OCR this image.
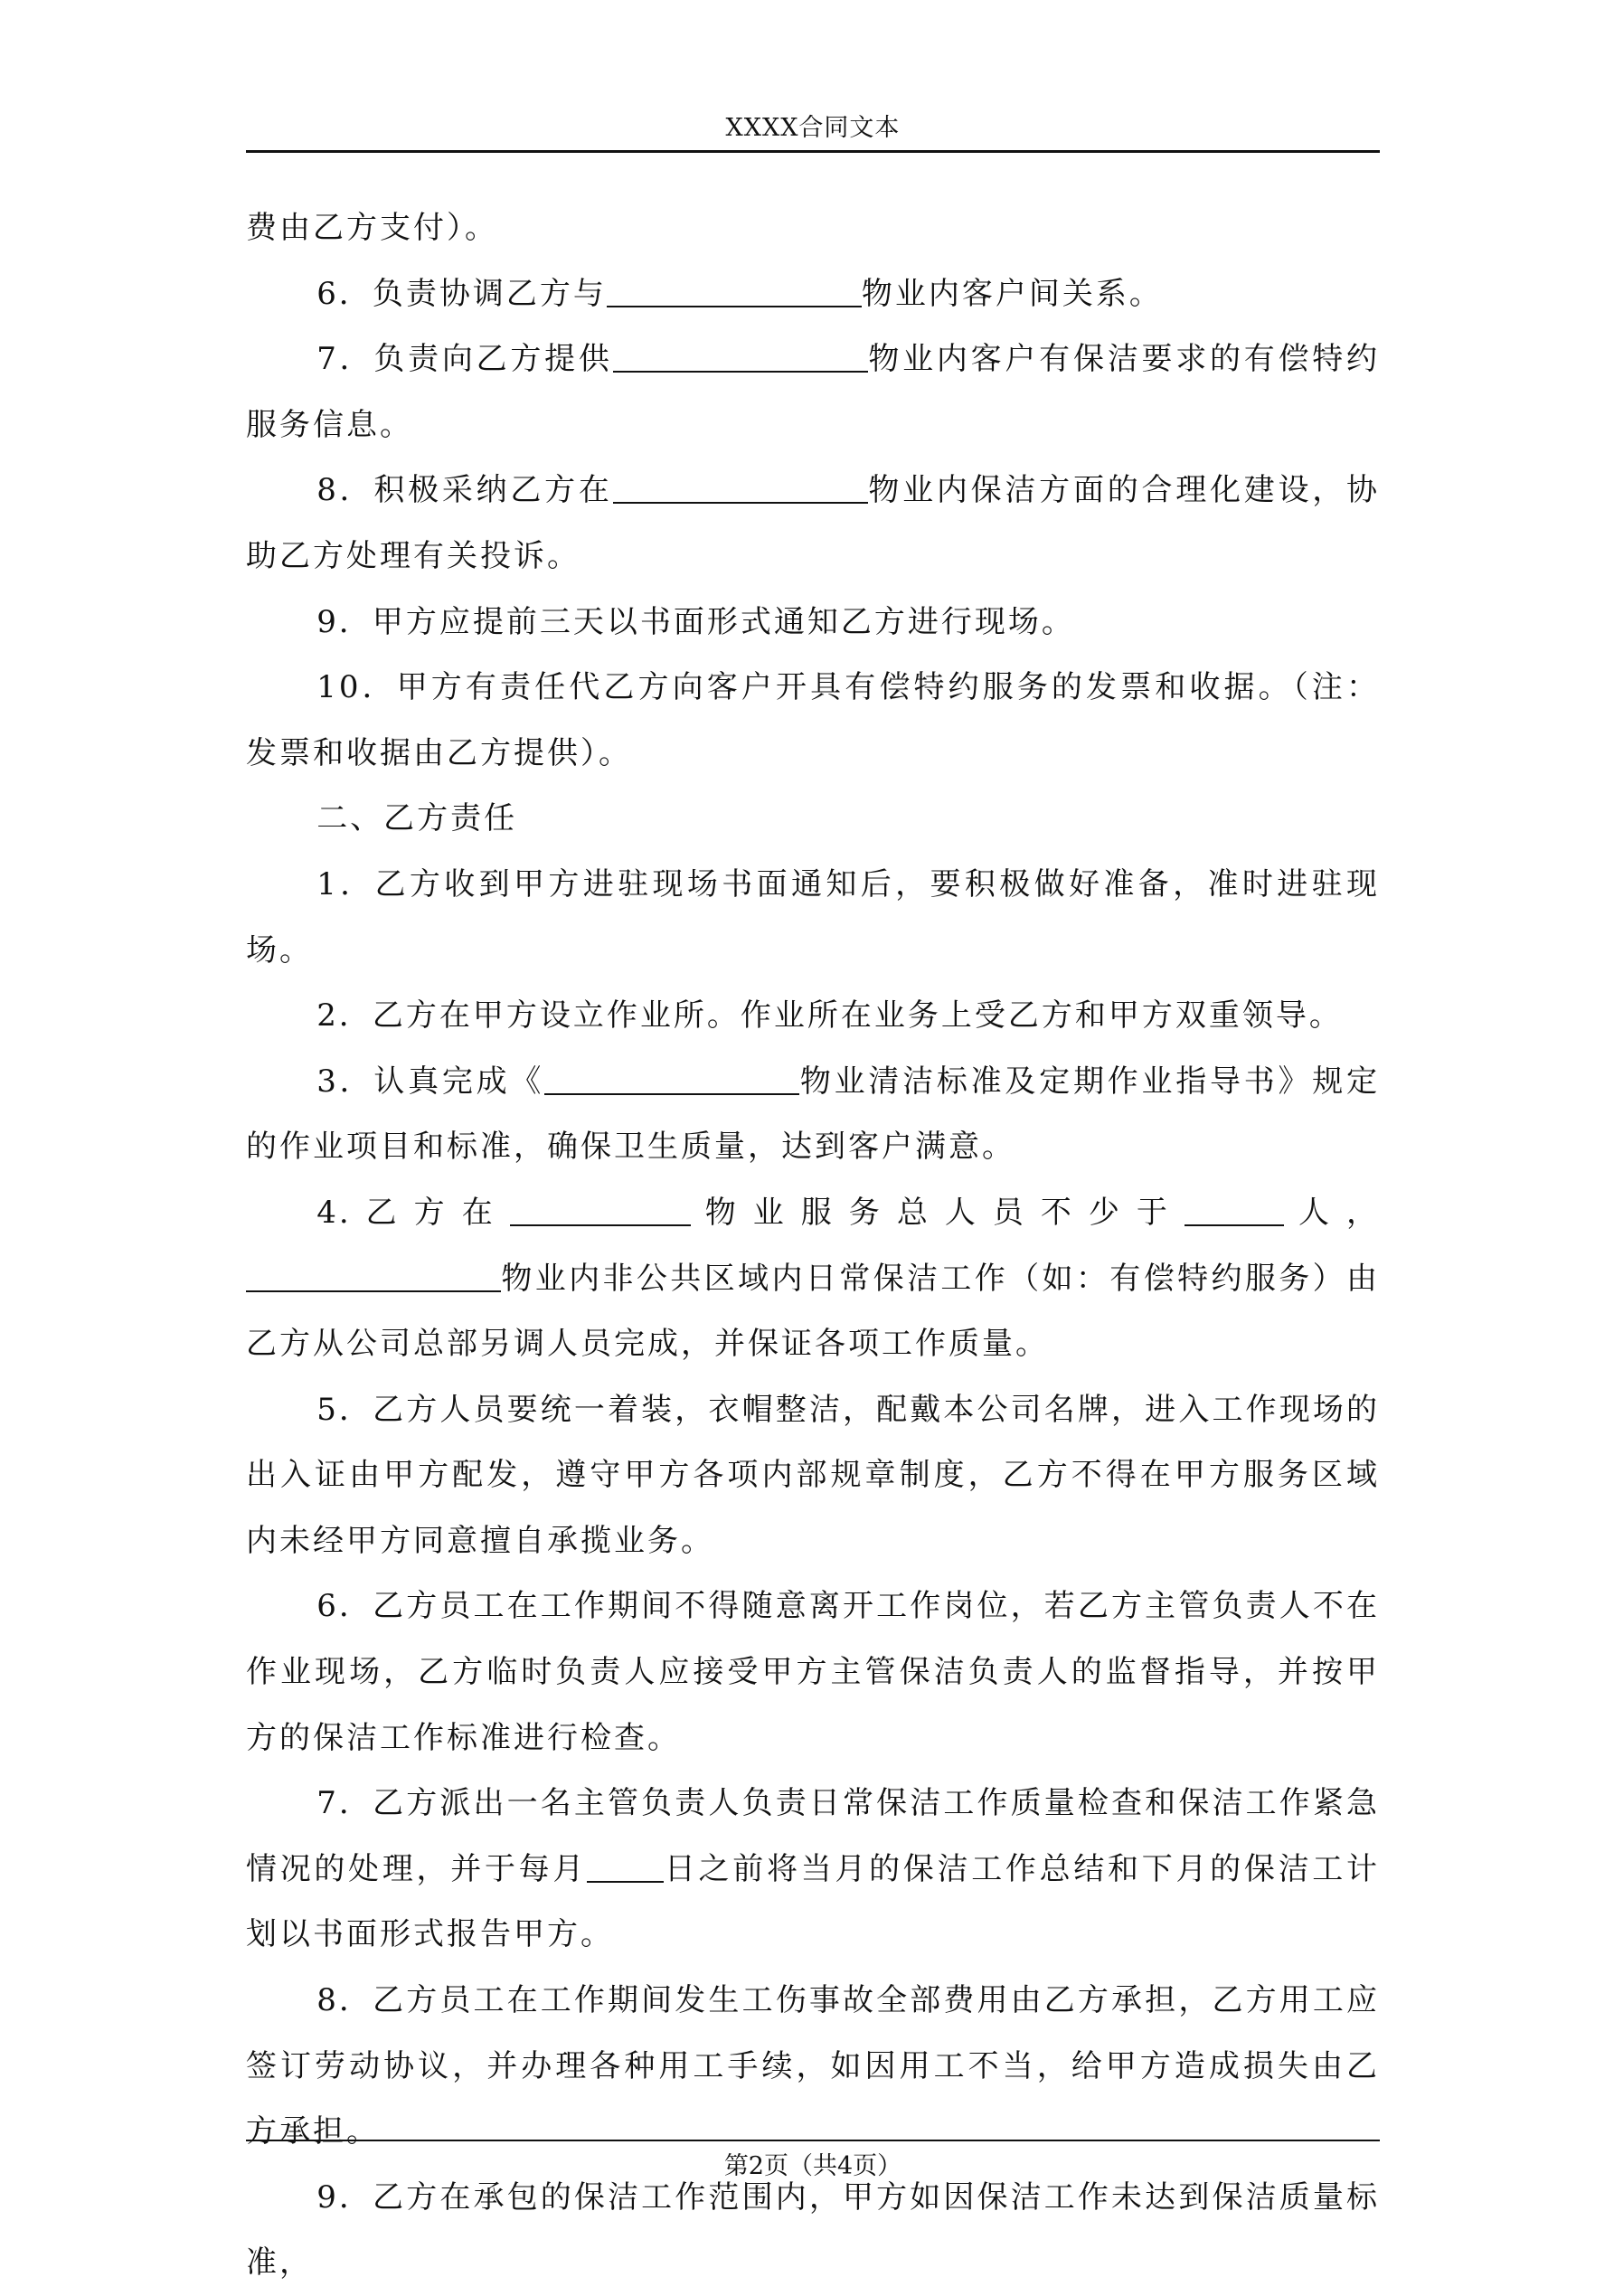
XXXX合同文本

费由乙方支付）。

6．负责协调乙方与	物业内客户间关系。

7．负责向乙方提供	物业内客户有保洁要求的有偿特约服务信息。

8．积极采纳乙方在	物业内保洁方面的合理化建设，协助乙方处理有关投诉。

9．甲方应提前三天以书面形式通知乙方进行现场。

10．甲方有责任代乙方向客户开具有偿特约服务的发票和收据。（注：发票和收据由乙方提供）。

二、乙方责任

1．乙方收到甲方进驻现场书面通知后，要积极做好准备，准时进驻现场。

2．乙方在甲方设立作业所。作业所在业务上受乙方和甲方双重领导。

3．认真完成《	物业清洁标准及定期作业指导书》规定的作业项目和标准，确保卫生质量，达到客户满意。

4.乙方在	物业服务总人员不少于	人，物业内非公共区域内日常保洁工作（如：有偿特约服务）由乙方从公司总部另调人员完成，并保证各项工作质量。

5．乙方人员要统一着装，衣帽整洁，配戴本公司名牌，进入工作现场的出入证由甲方配发，遵守甲方各项内部规章制度，乙方不得在甲方服务区域内未经甲方同意擅自承揽业务。

6．乙方员工在工作期间不得随意离开工作岗位，若乙方主管负责人不在作业现场，乙方临时负责人应接受甲方主管保洁负责人的监督指导，并按甲方的保洁工作标准进行检查。

7．乙方派出一名主管负责人负责日常保洁工作质量检查和保洁工作紧急情况的处理，并于每月	日之前将当月的保洁工作总结和下月的保洁工计划以书面形式报告甲方。

8．乙方员工在工作期间发生工伤事故全部费用由乙方承担，乙方用工应签订劳动协议，并办理各种用工手续，如因用工不当，给甲方造成损失由乙方承担。

9．乙方在承包的保洁工作范围内，甲方如因保洁工作未达到保洁质量标准，

第2页（共4页）
